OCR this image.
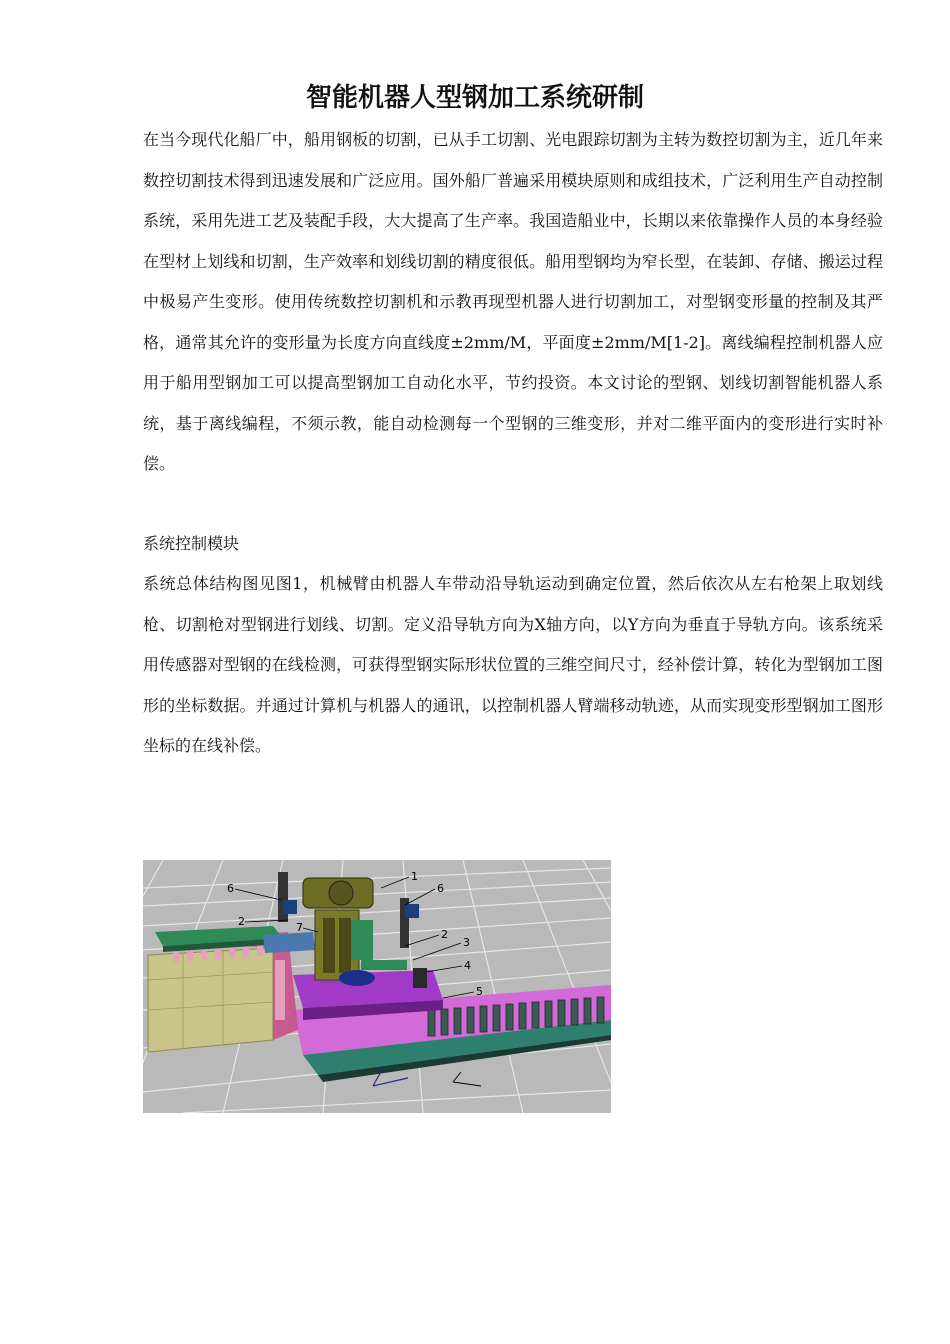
智能机器人型钢加工系统研制

在当今现代化船厂中，船用钢板的切割，已从手工切割、光电跟踪切割为主转为数控切割为主，近几年来数控切割技术得到迅速发展和广泛应用。国外船厂普遍采用模块原则和成组技术，广泛利用生产自动控制系统，采用先进工艺及装配手段，大大提高了生产率。我国造船业中，长期以来依靠操作人员的本身经验在型材上划线和切割，生产效率和划线切割的精度很低。船用型钢均为窄长型，在装卸、存储、搬运过程中极易产生变形。使用传统数控切割机和示教再现型机器人进行切割加工，对型钢变形量的控制及其严格，通常其允许的变形量为长度方向直线度±2mm/M，平面度±2mm/M[1-2]。离线编程控制机器人应用于船用型钢加工可以提高型钢加工自动化水平，节约投资。本文讨论的型钢、划线切割智能机器人系统，基于离线编程，不须示教，能自动检测每一个型钢的三维变形，并对二维平面内的变形进行实时补偿。

系统控制模块

系统总体结构图见图1，机械臂由机器人车带动沿导轨运动到确定位置，然后依次从左右枪架上取划线枪、切割枪对型钢进行划线、切割。定义沿导轨方向为X轴方向，以Y方向为垂直于导轨方向。该系统采用传感器对型钢的在线检测，可获得型钢实际形状位置的三维空间尺寸，经补偿计算，转化为型钢加工图形的坐标数据。并通过计算机与机器人的通讯，以控制机器人臂端移动轨迹，从而实现变形型钢加工图形坐标的在线补偿。

1
6	6
2	7
2
3
4
5
